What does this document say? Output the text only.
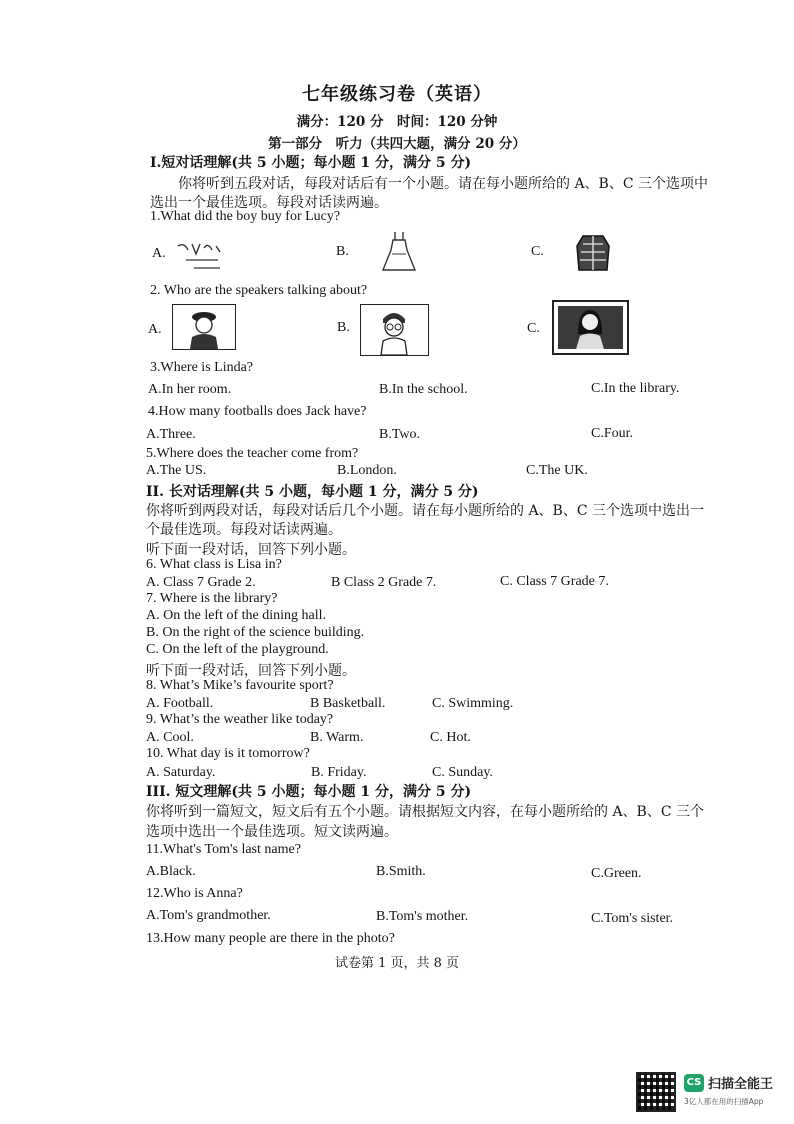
七年级练习卷（英语）
满分：120 分　时间：120 分钟
第一部分　听力（共四大题，满分 20 分）
I.短对话理解(共 5 小题；每小题 1 分，满分 5 分)
你将听到五段对话，每段对话后有一个小题。请在每小题所给的 A、B、C 三个选项中
选出一个最佳选项。每段对话读两遍。
1.What did the boy buy for Lucy?
A.	B.	C.
2. Who are the speakers talking about?
A.	B.	C.
3.Where is Linda?
A.In her room.	B.In the school.	C.In the library.
4.How many footballs does Jack have?
A.Three.	B.Two.	C.Four.
5.Where does the teacher come from?
A.The US.	B.London.	C.The UK.
II. 长对话理解(共 5 小题，每小题 1 分，满分 5 分)
你将听到两段对话，每段对话后几个小题。请在每小题所给的 A、B、C 三个选项中选出一
个最佳选项。每段对话读两遍。
听下面一段对话，回答下列小题。
6. What class is Lisa in?
A. Class 7 Grade 2.	B Class 2 Grade 7.	C. Class 7 Grade 7.
7. Where is the library?
A. On the left of the dining hall.
B. On the right of the science building.
C. On the left of the playground.
听下面一段对话，回答下列小题。
8. What’s Mike’s favourite sport?
A. Football.	B Basketball.	C. Swimming.
9. What’s the weather like today?
A. Cool.	B. Warm.	C. Hot.
10. What day is it tomorrow?
A. Saturday.	B. Friday.	C. Sunday.
III. 短文理解(共 5 小题；每小题 1 分，满分 5 分)
你将听到一篇短文，短文后有五个小题。请根据短文内容，在每小题所给的 A、B、C 三个
选项中选出一个最佳选项。短文读两遍。
11.What's Tom's last name?
A.Black.	B.Smith.	C.Green.
12.Who is Anna?
A.Tom's grandmother.	B.Tom's mother.	C.Tom's sister.
13.How many people are there in the photo?
试卷第 1 页，共 8 页
CS 扫描全能王
3亿人都在用的扫描App
